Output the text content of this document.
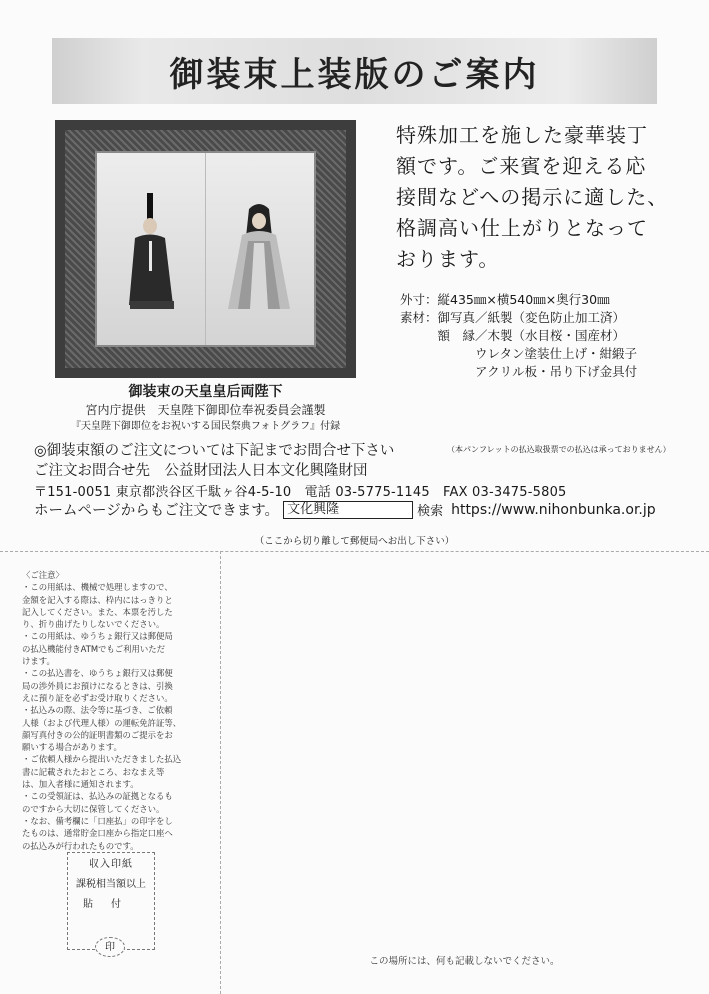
御装束上装版のご案内
御装束の天皇皇后両陛下
宮内庁提供　天皇陛下御即位奉祝委員会謹製
『天皇陛下御即位をお祝いする国民祭典フォトグラフ』付録
特殊加工を施した豪華装丁
額です。ご来賓を迎える応
接間などへの掲示に適した、
格調高い仕上がりとなって
おります。
外寸：縦435㎜×横540㎜×奥行30㎜
素材：御写真／紙製（変色防止加工済）
　　　額　縁／木製（水目桜・国産材）
　　　　　　ウレタン塗装仕上げ・紺緞子
　　　　　　アクリル板・吊り下げ金具付
◎御装束額のご注文については下記までお問合せ下さい	（本パンフレットの払込取扱票での払込は承っておりません）
ご注文お問合せ先　公益財団法人日本文化興隆財団
〒151-0051 東京都渋谷区千駄ヶ谷4-5-10　電話 03-5775-1145　FAX 03-3475-5805
ホームページからもご注文できます。 文化興隆	検索 https://www.nihonbunka.or.jp
（ここから切り離して郵便局へお出し下さい）
〈ご注意〉
・この用紙は、機械で処理しますので、
金額を記入する際は、枠内にはっきりと
記入してください。また、本票を汚した
り、折り曲げたりしないでください。
・この用紙は、ゆうちょ銀行又は郵便局
の払込機能付きATMでもご利用いただ
けます。
・この払込書を、ゆうちょ銀行又は郵便
局の渉外員にお預けになるときは、引換
えに預り証を必ずお受け取りください。
・払込みの際、法令等に基づき、ご依頼
人様（および代理人様）の運転免許証等、
顔写真付きの公的証明書類のご提示をお
願いする場合があります。
・ご依頼人様から提出いただきました払込
書に記載されたおところ、おなまえ等
は、加入者様に通知されます。
・この受領証は、払込みの証拠となるも
のですから大切に保管してください。
・なお、備考欄に「口座払」の印字をし
たものは、通常貯金口座から指定口座へ
の払込みが行われたものです。
収入印紙
課税相当額以上
貼付
印
この場所には、何も記載しないでください。
